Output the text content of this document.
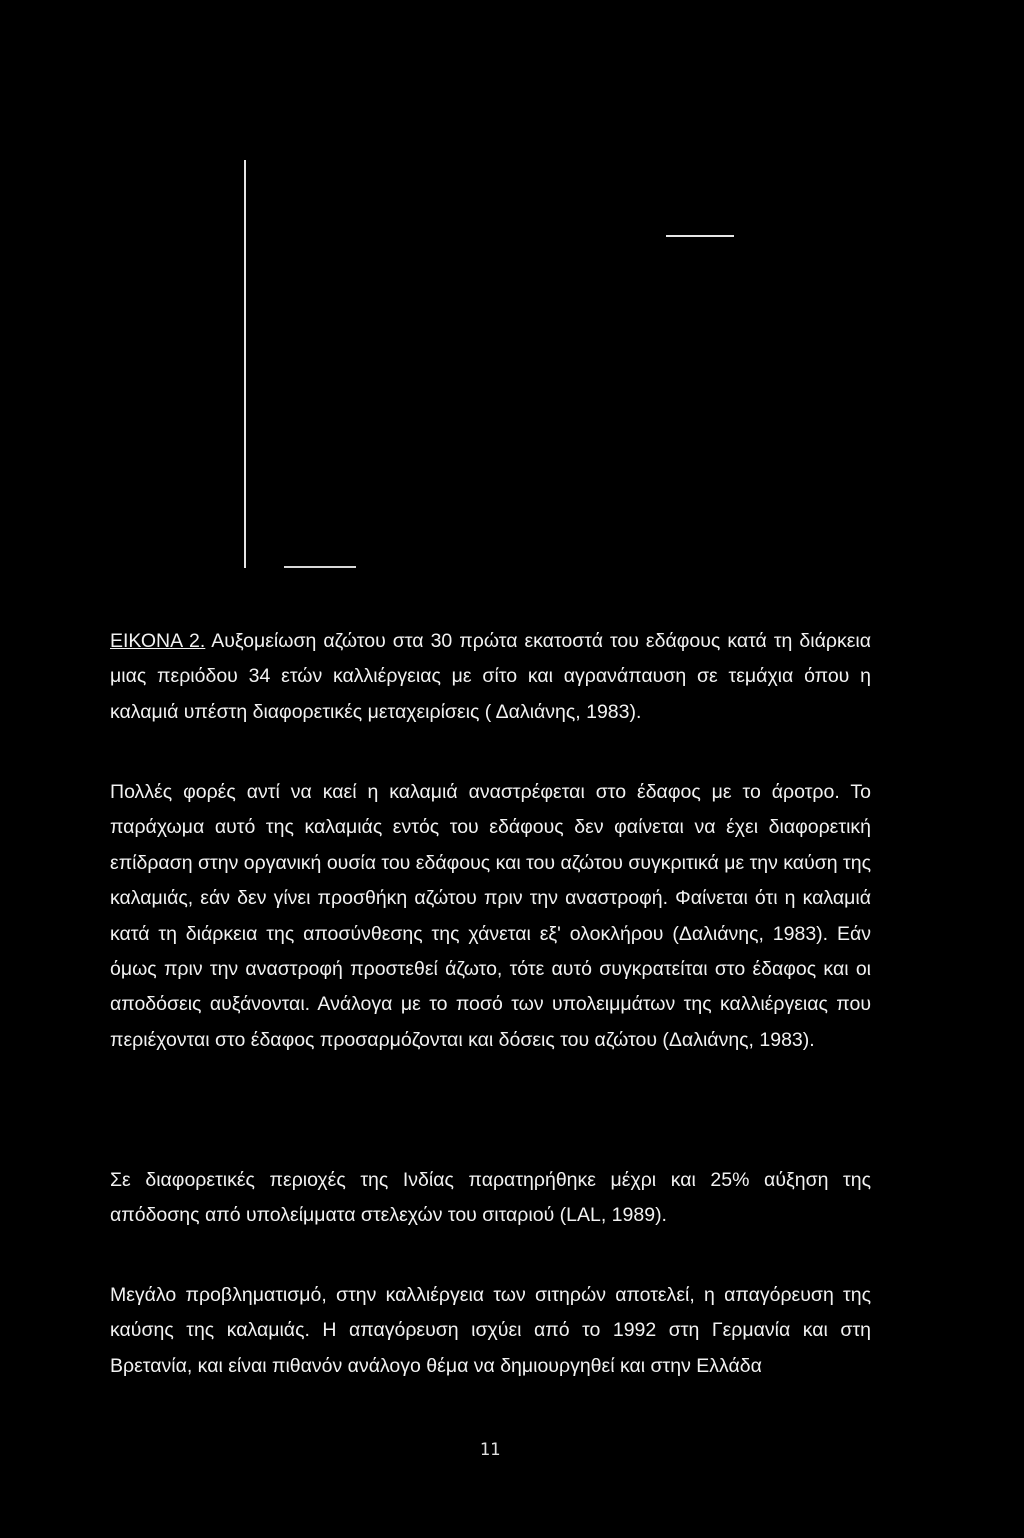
ΕΙΚΟΝΑ 2. Αυξομείωση αζώτου στα 30 πρώτα εκατοστά του εδάφους κατά τη διάρκεια μιας περιόδου 34 ετών καλλιέργειας με σίτο και αγρανάπαυση σε τεμάχια όπου η καλαμιά υπέστη διαφορετικές μεταχειρίσεις ( Δαλιάνης, 1983).

Πολλές φορές αντί να καεί η καλαμιά αναστρέφεται στο έδαφος με το άροτρο. Το παράχωμα αυτό της καλαμιάς εντός του εδάφους δεν φαίνεται να έχει διαφορετική επίδραση στην οργανική ουσία του εδάφους και του αζώτου συγκριτικά με την καύση της καλαμιάς, εάν δεν γίνει προσθήκη αζώτου πριν την αναστροφή. Φαίνεται ότι η καλαμιά κατά τη διάρκεια της αποσύνθεσης της χάνεται εξ' ολοκλήρου (Δαλιάνης, 1983). Εάν όμως πριν την αναστροφή προστεθεί άζωτο, τότε αυτό συγκρατείται στο έδαφος και οι αποδόσεις αυξάνονται. Ανάλογα με το ποσό των υπολειμμάτων της καλλιέργειας που περιέχονται στο έδαφος προσαρμόζονται και δόσεις του αζώτου (Δαλιάνης, 1983).

Σε διαφορετικές περιοχές της Ινδίας παρατηρήθηκε μέχρι και 25% αύξηση της απόδοσης από υπολείμματα στελεχών του σιταριού (LAL, 1989).

Μεγάλο προβληματισμό, στην καλλιέργεια των σιτηρών αποτελεί, η απαγόρευση της καύσης της καλαμιάς. Η απαγόρευση ισχύει από το 1992 στη Γερμανία και στη Βρετανία, και είναι πιθανόν ανάλογο θέμα να δημιουργηθεί και στην Ελλάδα

11
